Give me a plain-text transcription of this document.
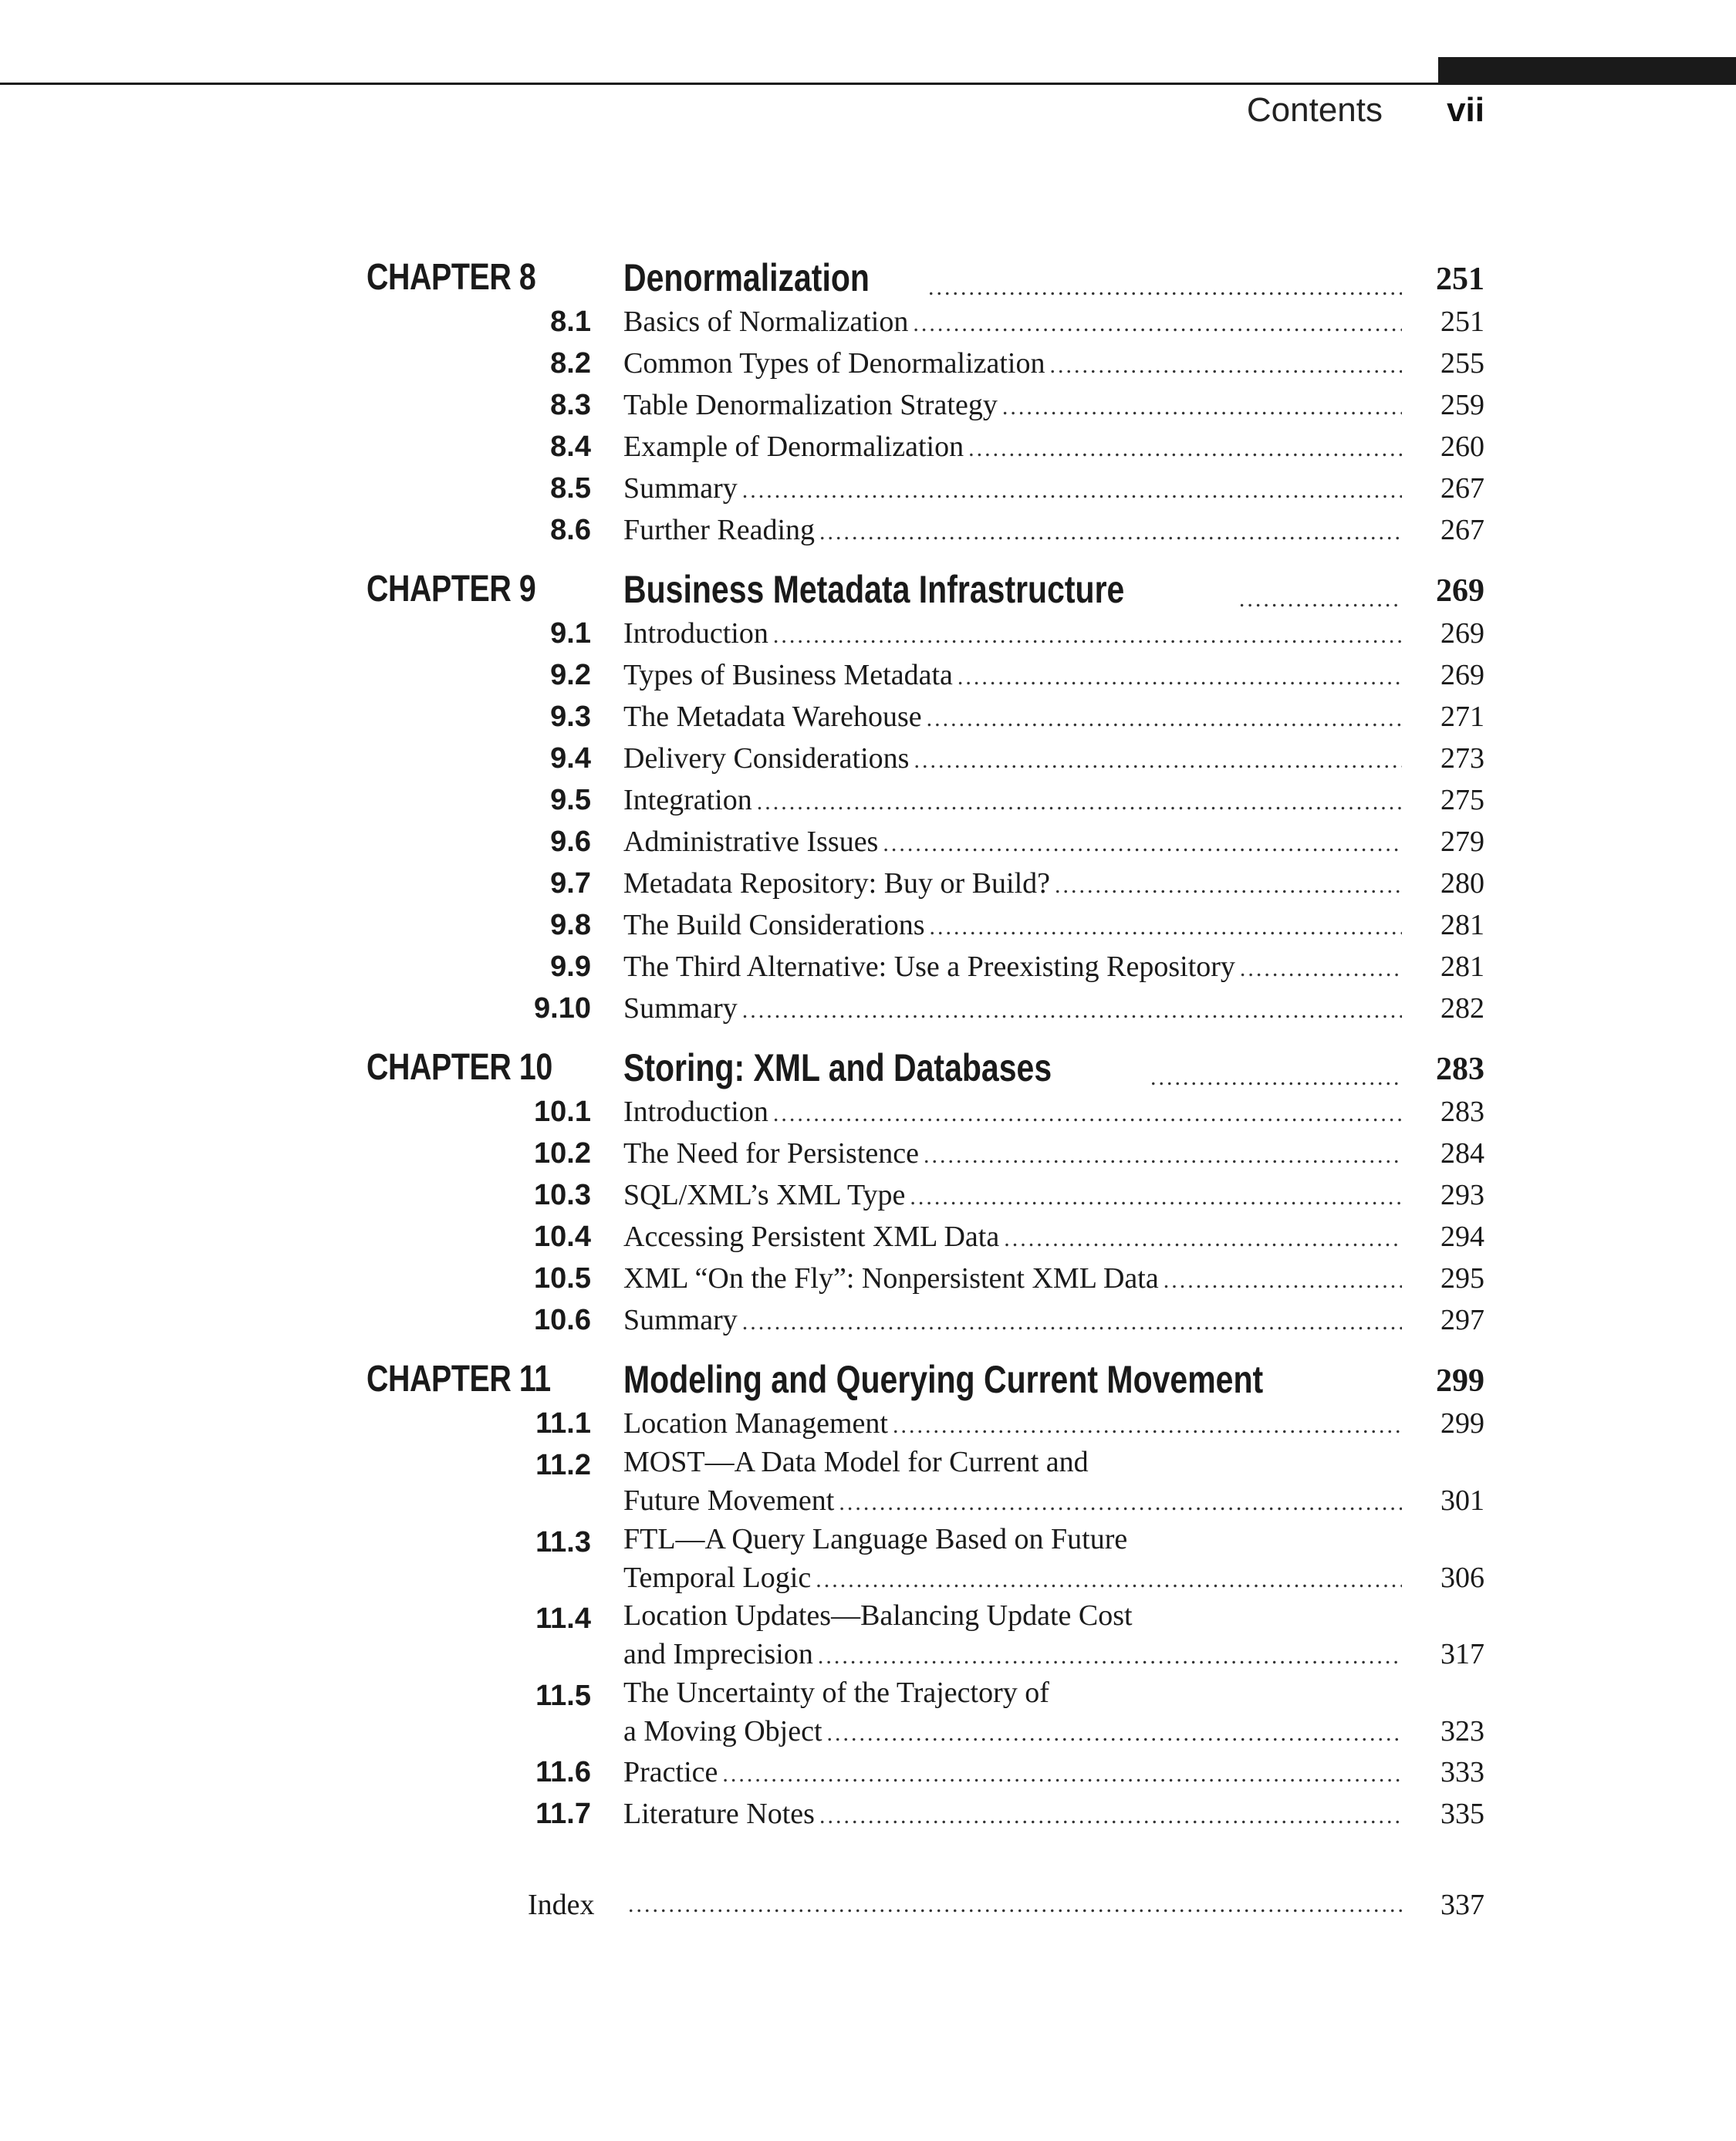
Contents vii
CHAPTER 8 Denormalization .....	251
8.1 Basics of Normalization .....	251
8.2 Common Types of Denormalization .....	255
8.3 Table Denormalization Strategy .....	259
8.4 Example of Denormalization .....	260
8.5 Summary .....	267
8.6 Further Reading .....	267
CHAPTER 9 Business Metadata Infrastructure .....	269
9.1 Introduction .....	269
9.2 Types of Business Metadata .....	269
9.3 The Metadata Warehouse .....	271
9.4 Delivery Considerations .....	273
9.5 Integration .....	275
9.6 Administrative Issues .....	279
9.7 Metadata Repository: Buy or Build? .....	280
9.8 The Build Considerations .....	281
9.9 The Third Alternative: Use a Preexisting Repository .....	281
9.10 Summary .....	282
CHAPTER 10 Storing: XML and Databases .....	283
10.1 Introduction .....	283
10.2 The Need for Persistence .....	284
10.3 SQL/XML’s XML Type .....	293
10.4 Accessing Persistent XML Data .....	294
10.5 XML “On the Fly”: Nonpersistent XML Data .....	295
10.6 Summary .....	297
CHAPTER 11 Modeling and Querying Current Movement	299
11.1 Location Management .....	299
11.2 MOST—A Data Model for Current and
Future Movement .....	301
11.3 FTL—A Query Language Based on Future
Temporal Logic .....	306
11.4 Location Updates—Balancing Update Cost
and Imprecision .....	317
11.5 The Uncertainty of the Trajectory of
a Moving Object .....	323
11.6 Practice .....	333
11.7 Literature Notes .....	335
Index .....	337
